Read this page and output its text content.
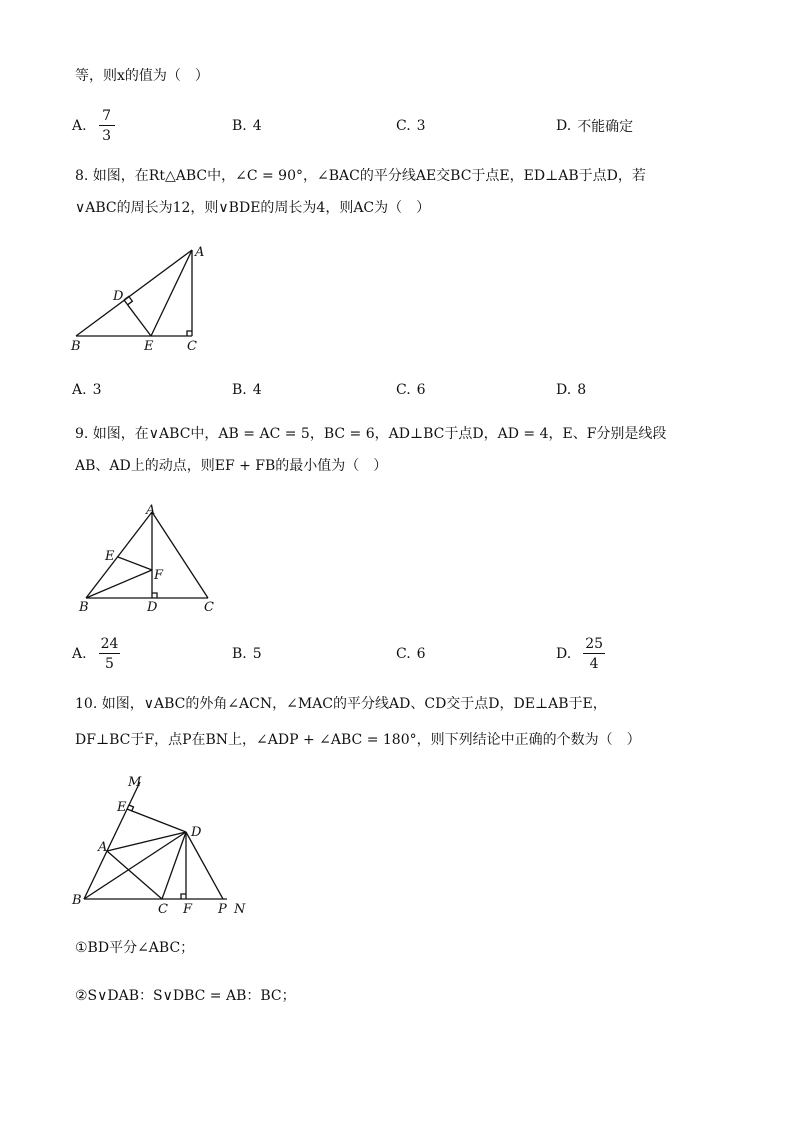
等，则x的值为（　）
A. $\frac{7}{3}$	B. 4	C. 3	D. 不能确定
8. 如图，在Rt△ABC中，∠C = 90°，∠BAC的平分线AE交BC于点E，ED⊥AB于点D，若
∨ABC的周长为12，则∨BDE的周长为4，则AC为（　）
A
B	C
D
E
A. 3	B. 4	C. 6	D. 8
9. 如图，在∨ABC中，AB = AC = 5，BC = 6，AD⊥BC于点D，AD = 4，E、F分别是线段
AB、AD上的动点，则EF + FB的最小值为（　）
A
B	C
D
E
F
A. $\frac{24}{5}$	B. 5	C. 6	D. $\frac{25}{4}$
10. 如图，∨ABC的外角∠ACN，∠MAC的平分线AD、CD交于点D，DE⊥AB于E，
DF⊥BC于F，点P在BN上，∠ADP + ∠ABC = 180°，则下列结论中正确的个数为（　）
M
E
A
D
B
C F P N
①BD平分∠ABC；
②S∨DAB：S∨DBC = AB：BC；
